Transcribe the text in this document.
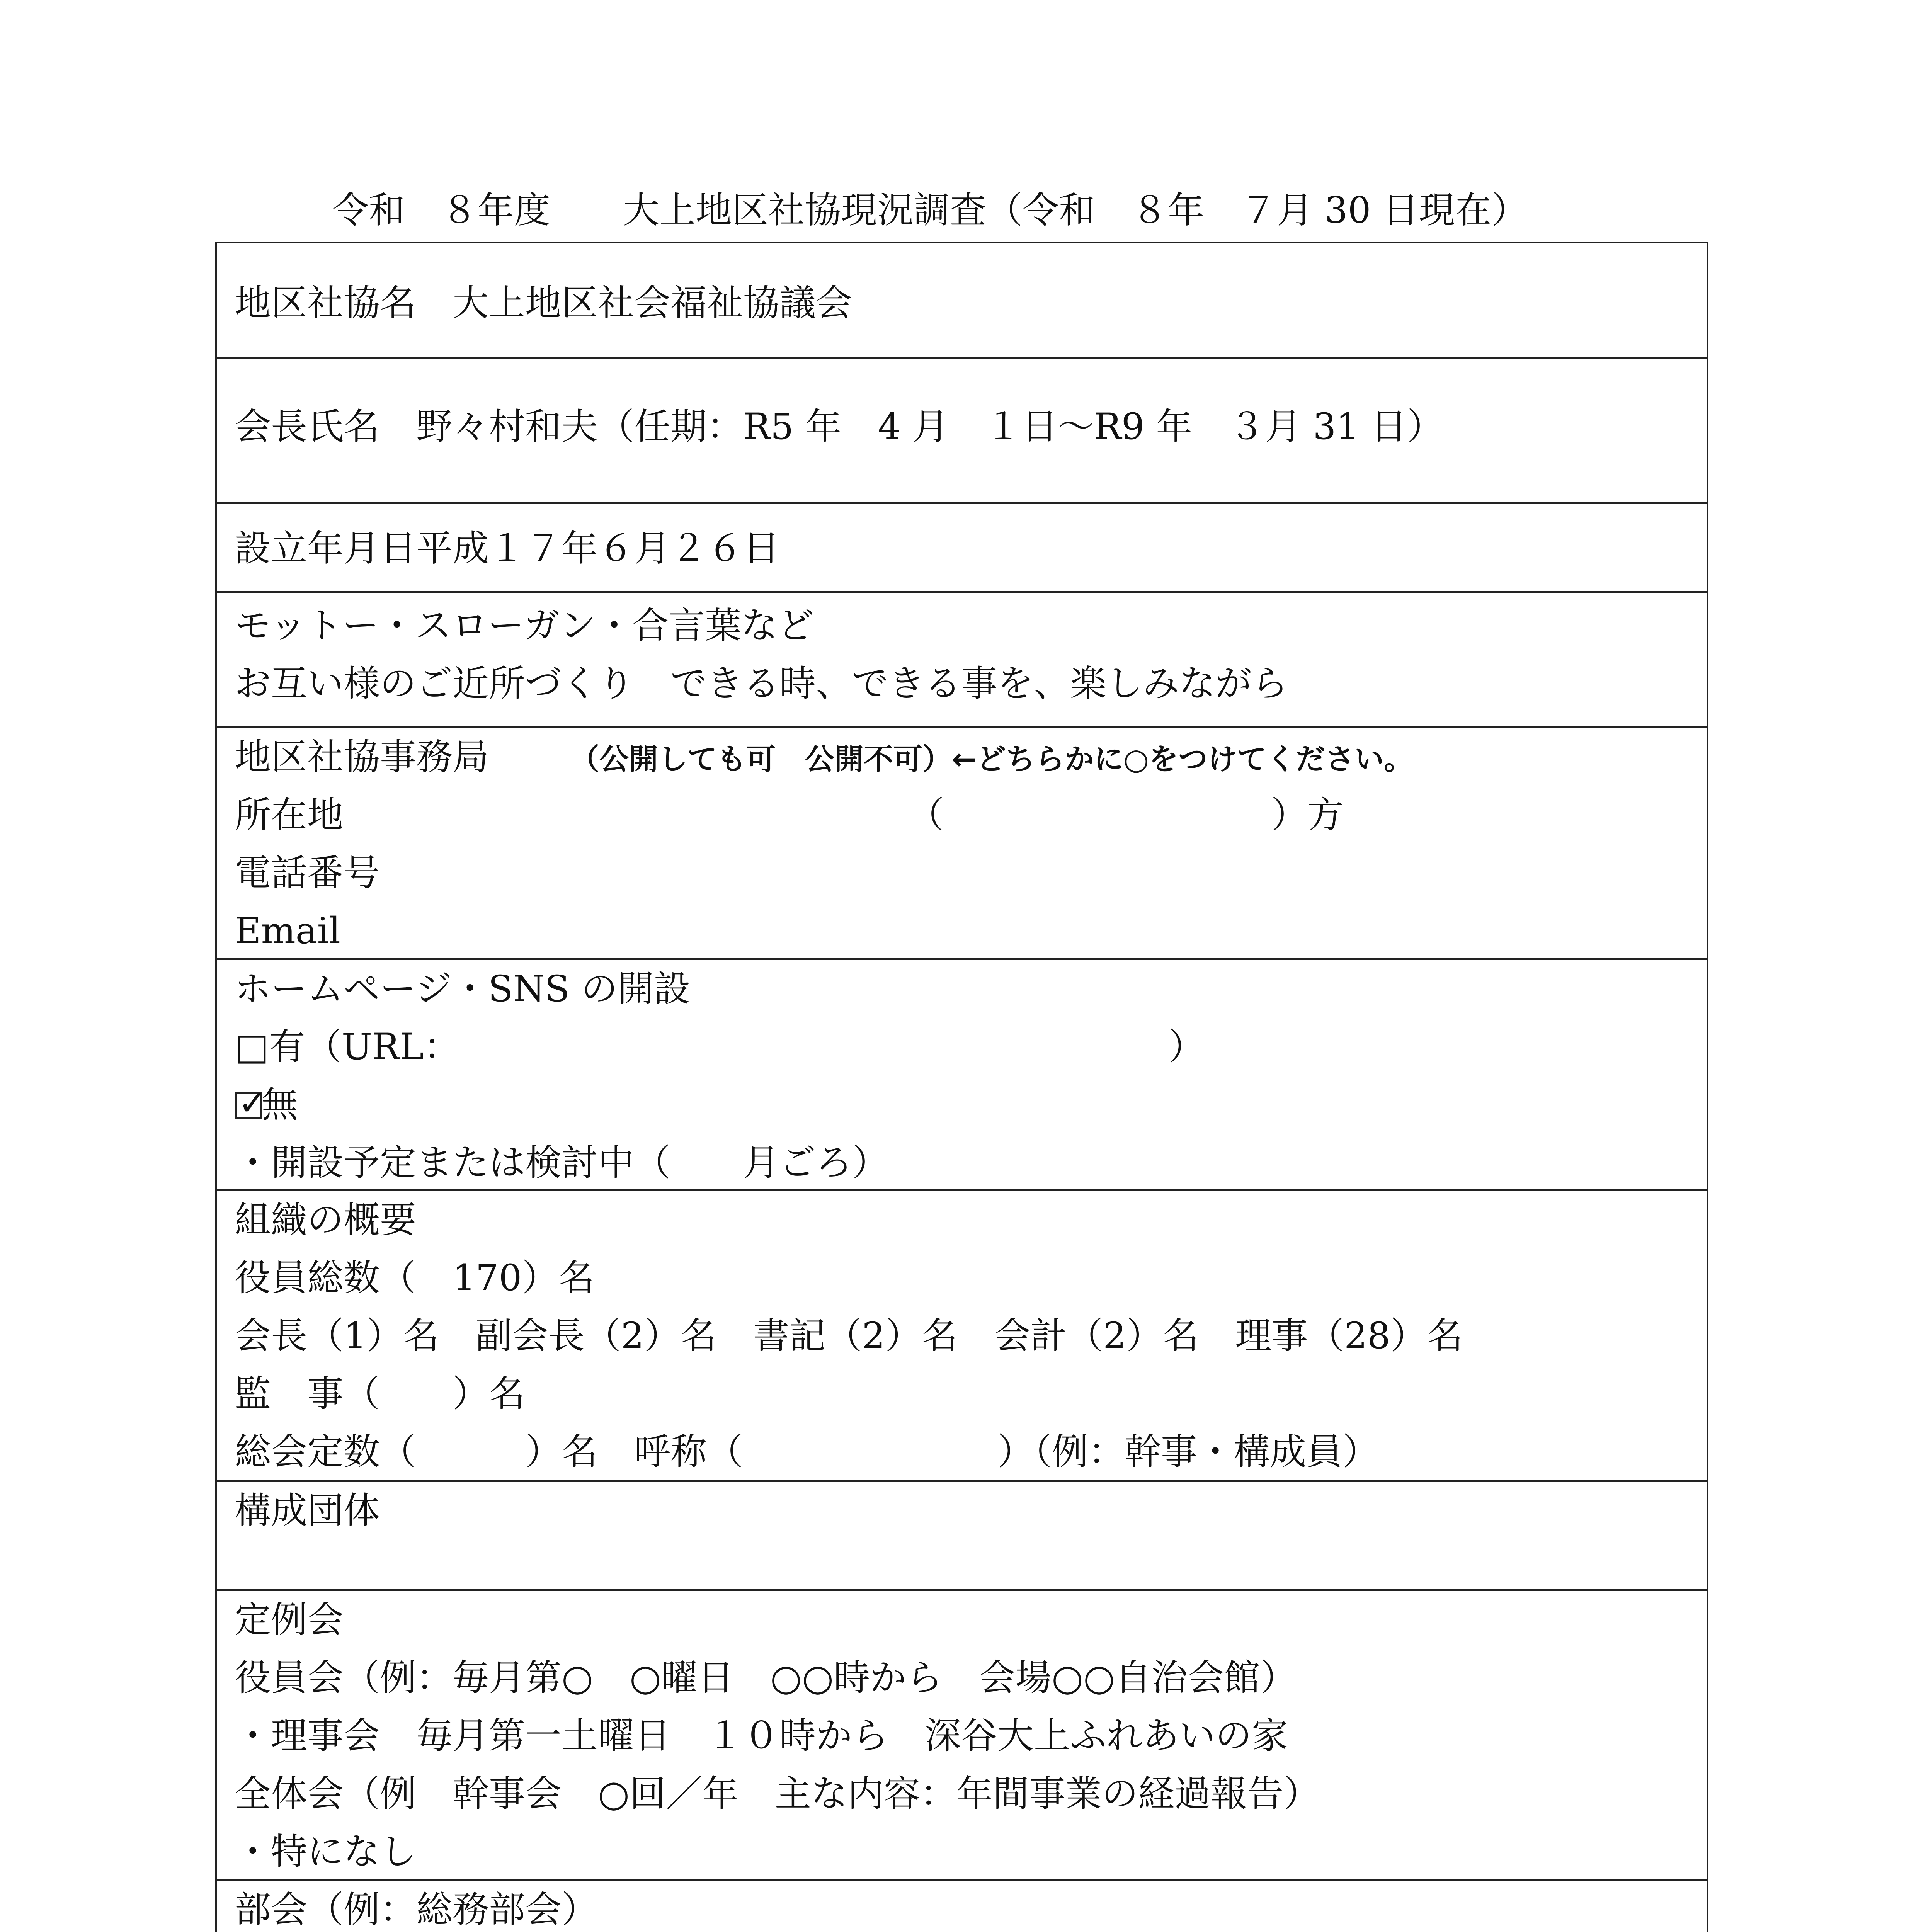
令和　８年度　　大上地区社協現況調査（令和　８年　７月 30 日現在）
地区社協名　大上地区社会福祉協議会
会長氏名　野々村和夫（任期：R5 年　4 月　１日～R9 年　３月 31 日）
設立年月日平成１７年６月２６日
モットー・スローガン・合言葉など
お互い様のご近所づくり　できる時、できる事を、楽しみながら
地区社協事務局	（公開しても可　公開不可）←どちらかに○をつけてください。
所在地	（　　　　　　　　　）方
電話番号
Email
ホームページ・SNS の開設
□有（URL：　　　　　　　　　　　　　　　　　　　　）
✓
無
・開設予定または検討中（　　月ごろ）
組織の概要
役員総数（　170）名
会長（1）名　副会長（2）名　書記（2）名　会計（2）名　理事（28）名
監　事（　　）名
総会定数（　　　）名　呼称（　　　　　　　）（例：幹事・構成員）
構成団体
定例会
役員会（例：毎月第○　○曜日　○○時から　会場○○自治会館）
・理事会　毎月第一土曜日　１０時から　深谷大上ふれあいの家
全体会（例　幹事会　○回／年　主な内容：年間事業の経過報告）
・特になし
部会（例：総務部会）
